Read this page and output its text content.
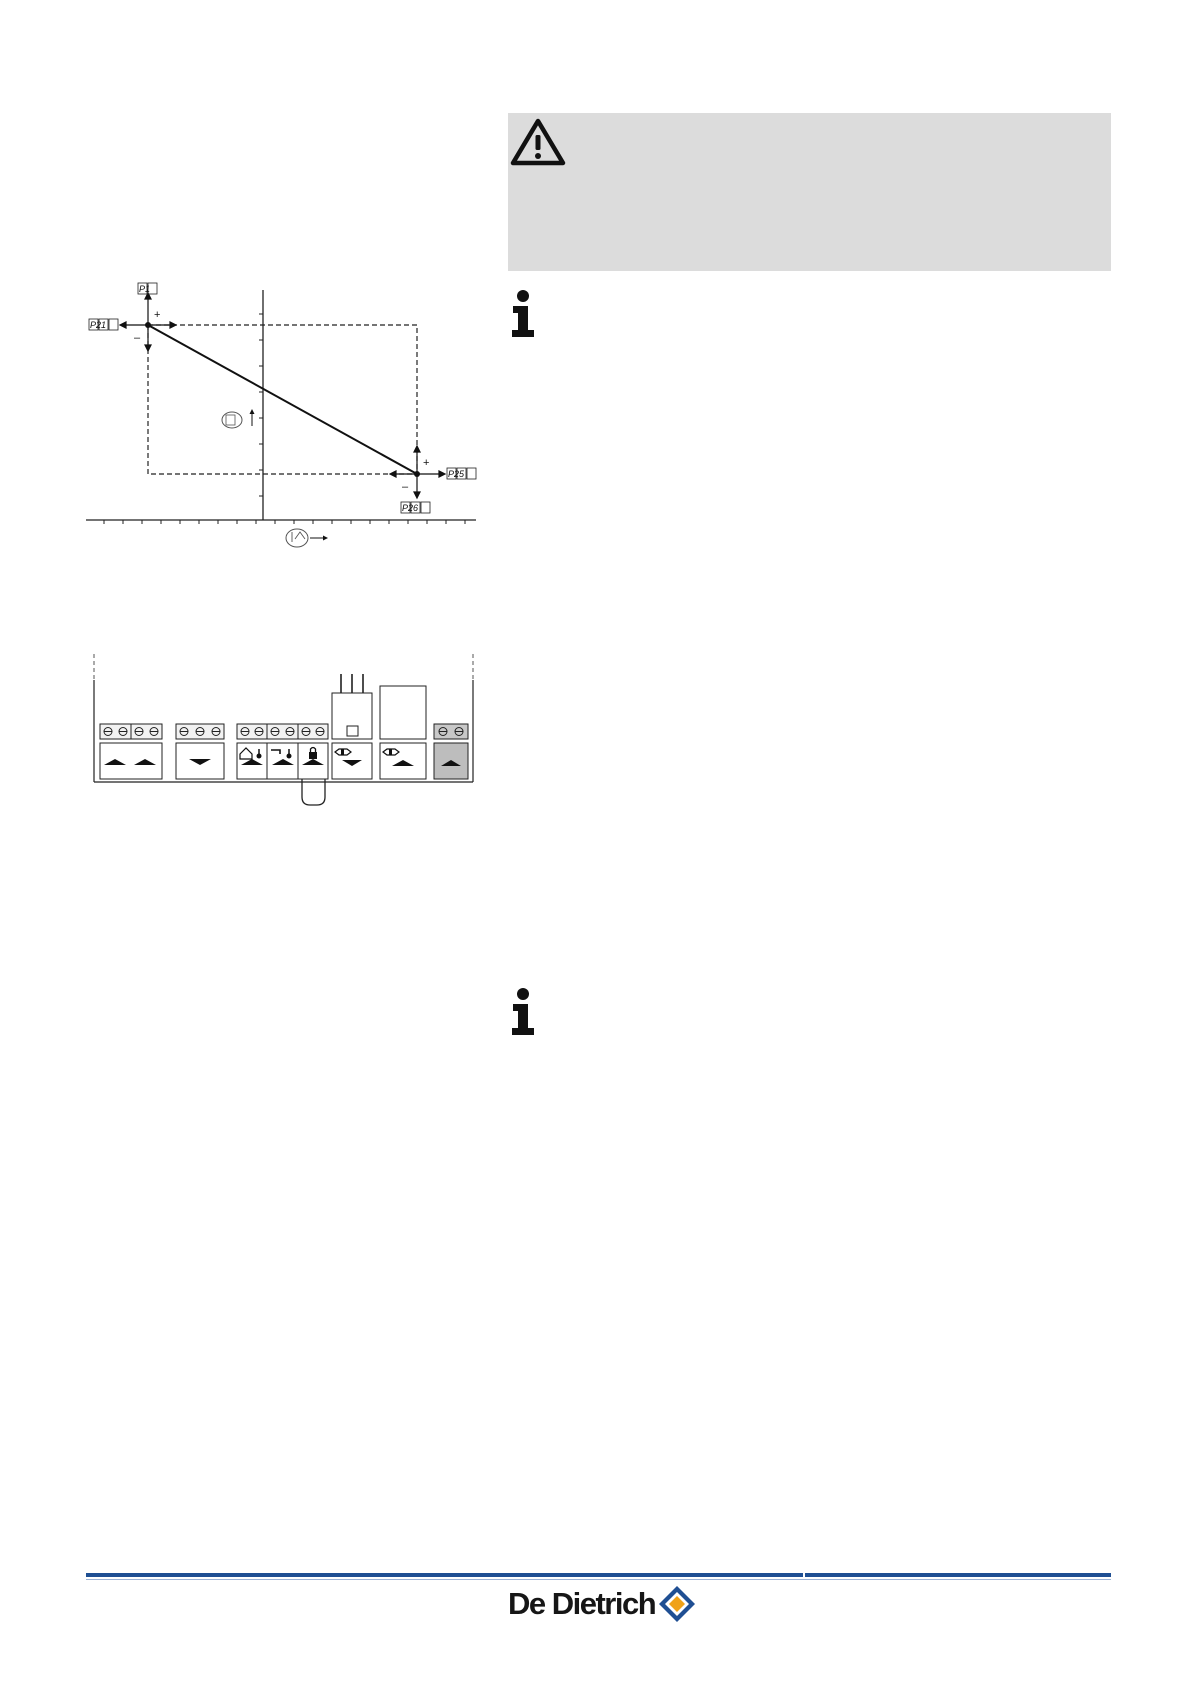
+
–
+
–
P1
P21
P25
P26
De Dietrich
